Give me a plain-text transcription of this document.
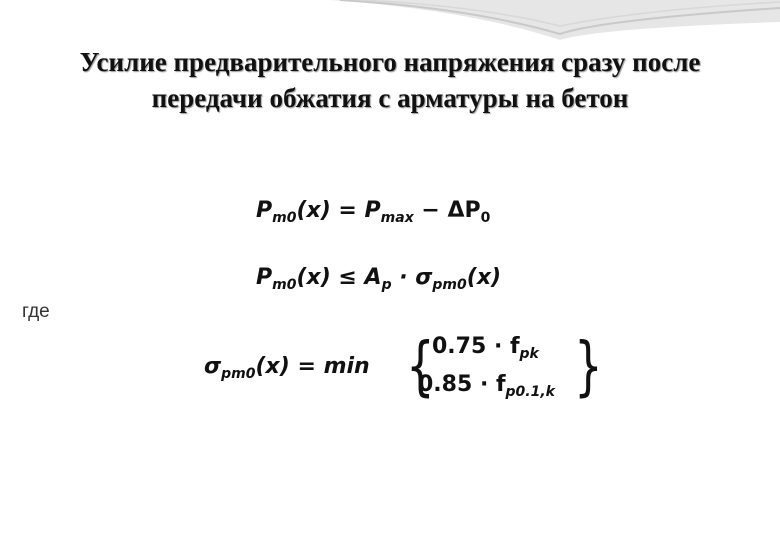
Усилие предварительного напряжения сразу после
передачи обжатия с арматуры на бетон
$P_{m0}(x) = P_{max} - \Delta P_0$
$P_{m0}(x) \le A_p \cdot \sigma_{pm0}(x)$
где
$\sigma_{pm0}(x) = \min$ {
$0.75 \cdot f_{pk}$
$0.85 \cdot f_{p0.1,k}$ }
